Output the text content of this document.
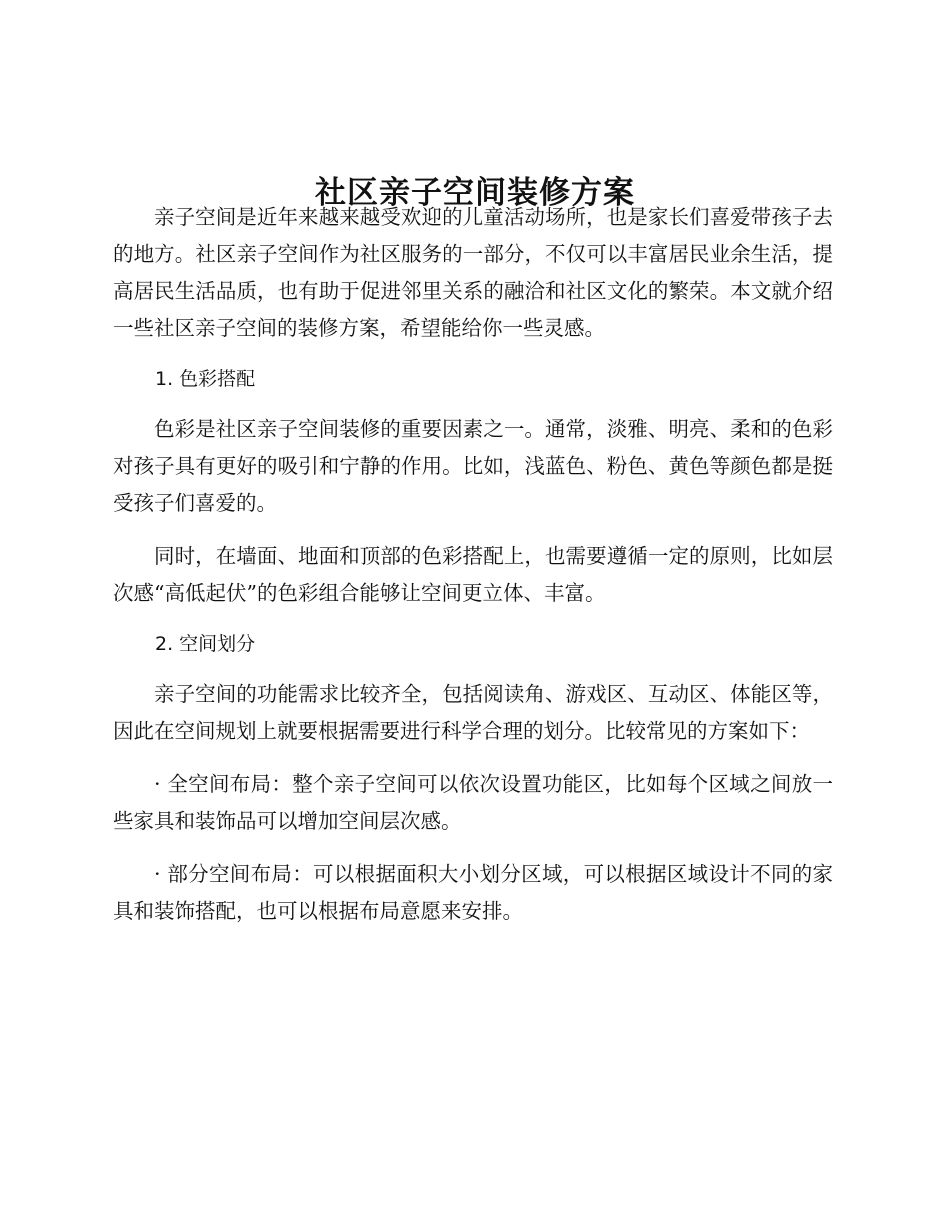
社区亲子空间装修方案

亲子空间是近年来越来越受欢迎的儿童活动场所，也是家长们喜爱带孩子去的地方。社区亲子空间作为社区服务的一部分，不仅可以丰富居民业余生活，提高居民生活品质，也有助于促进邻里关系的融洽和社区文化的繁荣。本文就介绍一些社区亲子空间的装修方案，希望能给你一些灵感。

1. 色彩搭配

色彩是社区亲子空间装修的重要因素之一。通常，淡雅、明亮、柔和的色彩对孩子具有更好的吸引和宁静的作用。比如，浅蓝色、粉色、黄色等颜色都是挺受孩子们喜爱的。

同时，在墙面、地面和顶部的色彩搭配上，也需要遵循一定的原则，比如层次感“高低起伏”的色彩组合能够让空间更立体、丰富。

2. 空间划分

亲子空间的功能需求比较齐全，包括阅读角、游戏区、互动区、体能区等，因此在空间规划上就要根据需要进行科学合理的划分。比较常见的方案如下：

· 全空间布局：整个亲子空间可以依次设置功能区，比如每个区域之间放一些家具和装饰品可以增加空间层次感。

· 部分空间布局：可以根据面积大小划分区域，可以根据区域设计不同的家具和装饰搭配，也可以根据布局意愿来安排。
